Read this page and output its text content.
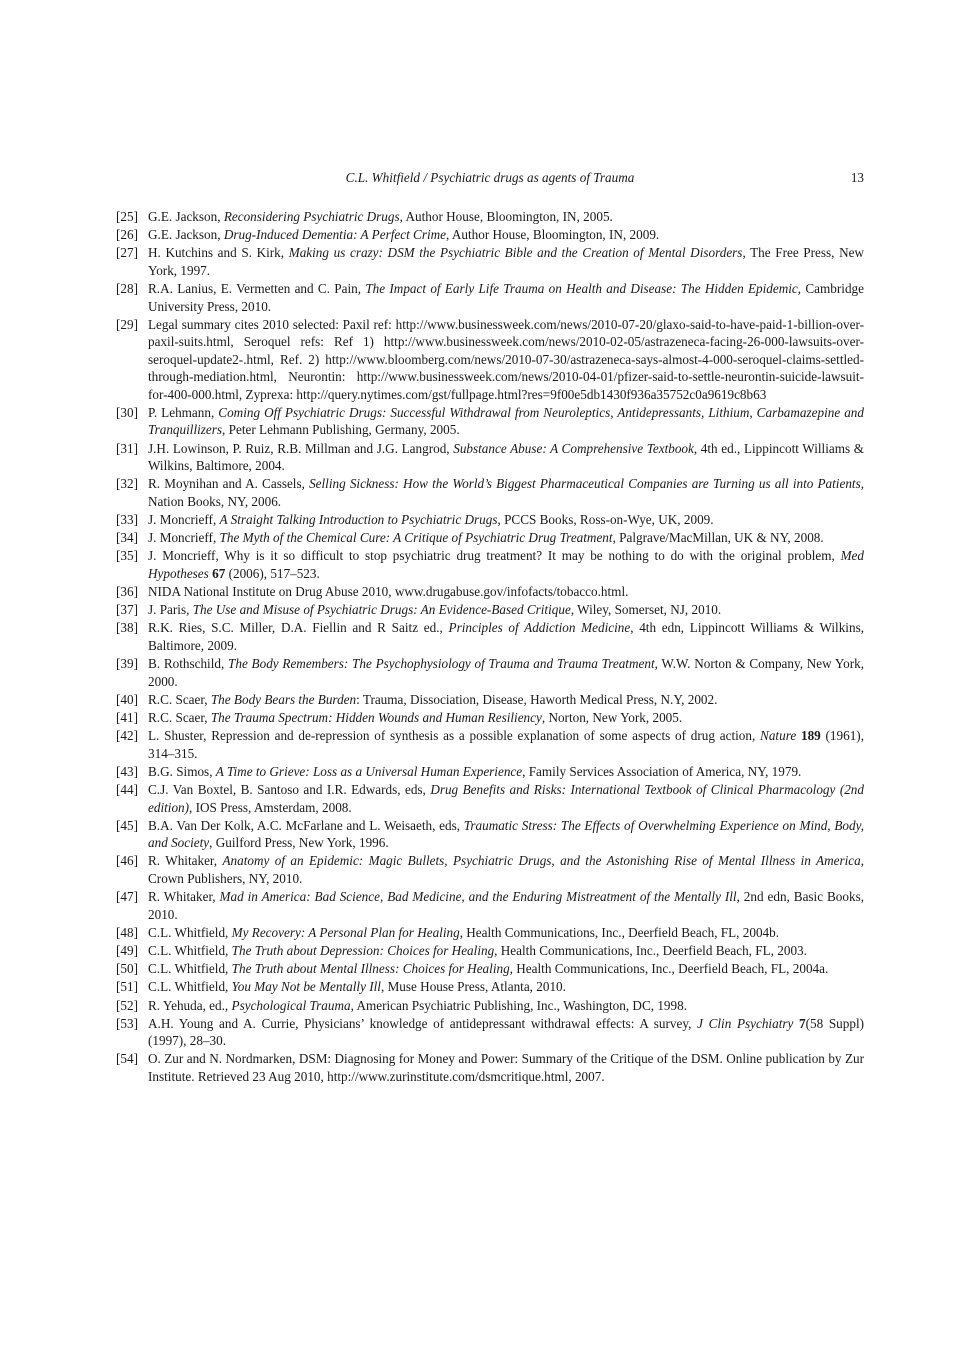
C.L. Whitfield / Psychiatric drugs as agents of Trauma	13
[25] G.E. Jackson, Reconsidering Psychiatric Drugs, Author House, Bloomington, IN, 2005.
[26] G.E. Jackson, Drug-Induced Dementia: A Perfect Crime, Author House, Bloomington, IN, 2009.
[27] H. Kutchins and S. Kirk, Making us crazy: DSM the Psychiatric Bible and the Creation of Mental Disorders, The Free Press, New York, 1997.
[28] R.A. Lanius, E. Vermetten and C. Pain, The Impact of Early Life Trauma on Health and Disease: The Hidden Epidemic, Cambridge University Press, 2010.
[29] Legal summary cites 2010 selected: Paxil ref: http://www.businessweek.com/news/2010-07-20/glaxo-said-to-have-paid-1-billion-over-paxil-suits.html, Seroquel refs: Ref 1) http://www.businessweek.com/news/2010-02-05/astrazeneca-facing-26-000-lawsuits-over-seroquel-update2-.html, Ref. 2) http://www.bloomberg.com/news/2010-07-30/astrazeneca-says-almost-4-000-seroquel-claims-settled-through-mediation.html, Neurontin: http://www.businessweek.com/news/2010-04-01/pfizer-said-to-settle-neurontin-suicide-lawsuit-for-400-000.html, Zyprexa: http://query.nytimes.com/gst/fullpage.html?res=9f00e5db1430f936a35752c0a9619c8b63
[30] P. Lehmann, Coming Off Psychiatric Drugs: Successful Withdrawal from Neuroleptics, Antidepressants, Lithium, Carbamazepine and Tranquillizers, Peter Lehmann Publishing, Germany, 2005.
[31] J.H. Lowinson, P. Ruiz, R.B. Millman and J.G. Langrod, Substance Abuse: A Comprehensive Textbook, 4th ed., Lippincott Williams & Wilkins, Baltimore, 2004.
[32] R. Moynihan and A. Cassels, Selling Sickness: How the World’s Biggest Pharmaceutical Companies are Turning us all into Patients, Nation Books, NY, 2006.
[33] J. Moncrieff, A Straight Talking Introduction to Psychiatric Drugs, PCCS Books, Ross-on-Wye, UK, 2009.
[34] J. Moncrieff, The Myth of the Chemical Cure: A Critique of Psychiatric Drug Treatment, Palgrave/MacMillan, UK & NY, 2008.
[35] J. Moncrieff, Why is it so difficult to stop psychiatric drug treatment? It may be nothing to do with the original problem, Med Hypotheses 67 (2006), 517–523.
[36] NIDA National Institute on Drug Abuse 2010, www.drugabuse.gov/infofacts/tobacco.html.
[37] J. Paris, The Use and Misuse of Psychiatric Drugs: An Evidence-Based Critique, Wiley, Somerset, NJ, 2010.
[38] R.K. Ries, S.C. Miller, D.A. Fiellin and R Saitz ed., Principles of Addiction Medicine, 4th edn, Lippincott Williams & Wilkins, Baltimore, 2009.
[39] B. Rothschild, The Body Remembers: The Psychophysiology of Trauma and Trauma Treatment, W.W. Norton & Company, New York, 2000.
[40] R.C. Scaer, The Body Bears the Burden: Trauma, Dissociation, Disease, Haworth Medical Press, N.Y, 2002.
[41] R.C. Scaer, The Trauma Spectrum: Hidden Wounds and Human Resiliency, Norton, New York, 2005.
[42] L. Shuster, Repression and de-repression of synthesis as a possible explanation of some aspects of drug action, Nature 189 (1961), 314–315.
[43] B.G. Simos, A Time to Grieve: Loss as a Universal Human Experience, Family Services Association of America, NY, 1979.
[44] C.J. Van Boxtel, B. Santoso and I.R. Edwards, eds, Drug Benefits and Risks: International Textbook of Clinical Pharmacology (2nd edition), IOS Press, Amsterdam, 2008.
[45] B.A. Van Der Kolk, A.C. McFarlane and L. Weisaeth, eds, Traumatic Stress: The Effects of Overwhelming Experience on Mind, Body, and Society, Guilford Press, New York, 1996.
[46] R. Whitaker, Anatomy of an Epidemic: Magic Bullets, Psychiatric Drugs, and the Astonishing Rise of Mental Illness in America, Crown Publishers, NY, 2010.
[47] R. Whitaker, Mad in America: Bad Science, Bad Medicine, and the Enduring Mistreatment of the Mentally Ill, 2nd edn, Basic Books, 2010.
[48] C.L. Whitfield, My Recovery: A Personal Plan for Healing, Health Communications, Inc., Deerfield Beach, FL, 2004b.
[49] C.L. Whitfield, The Truth about Depression: Choices for Healing, Health Communications, Inc., Deerfield Beach, FL, 2003.
[50] C.L. Whitfield, The Truth about Mental Illness: Choices for Healing, Health Communications, Inc., Deerfield Beach, FL, 2004a.
[51] C.L. Whitfield, You May Not be Mentally Ill, Muse House Press, Atlanta, 2010.
[52] R. Yehuda, ed., Psychological Trauma, American Psychiatric Publishing, Inc., Washington, DC, 1998.
[53] A.H. Young and A. Currie, Physicians’ knowledge of antidepressant withdrawal effects: A survey, J Clin Psychiatry 7(58 Suppl) (1997), 28–30.
[54] O. Zur and N. Nordmarken, DSM: Diagnosing for Money and Power: Summary of the Critique of the DSM. Online publication by Zur Institute. Retrieved 23 Aug 2010, http://www.zurinstitute.com/dsmcritique.html, 2007.
